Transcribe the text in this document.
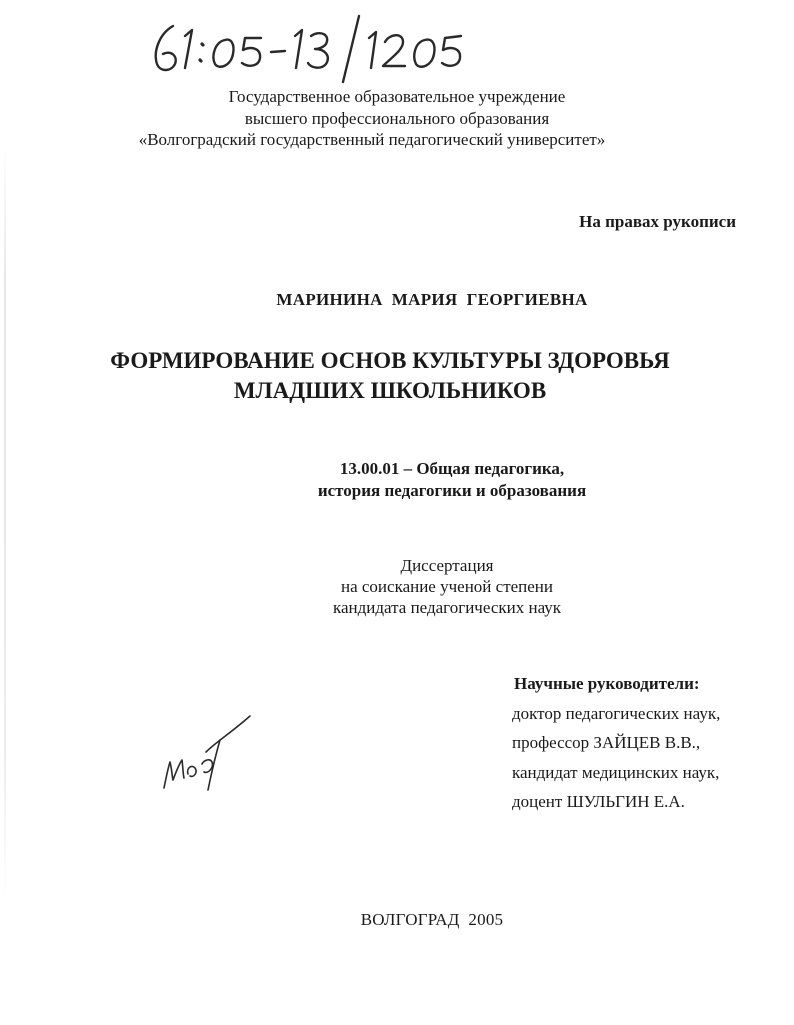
Государственное образовательное учреждение
высшего профессионального образования
«Волгоградский государственный педагогический университет»
На правах рукописи
МАРИНИНА  МАРИЯ  ГЕОРГИЕВНА
ФОРМИРОВАНИЕ ОСНОВ КУЛЬТУРЫ ЗДОРОВЬЯ
МЛАДШИХ ШКОЛЬНИКОВ
13.00.01 – Общая педагогика,
история педагогики и образования
Диссертация
на соискание ученой степени
кандидата педагогических наук
Научные руководители:
доктор педагогических наук,
профессор ЗАЙЦЕВ В.В.,
кандидат медицинских наук,
доцент ШУЛЬГИН Е.А.
ВОЛГОГРАД  2005
